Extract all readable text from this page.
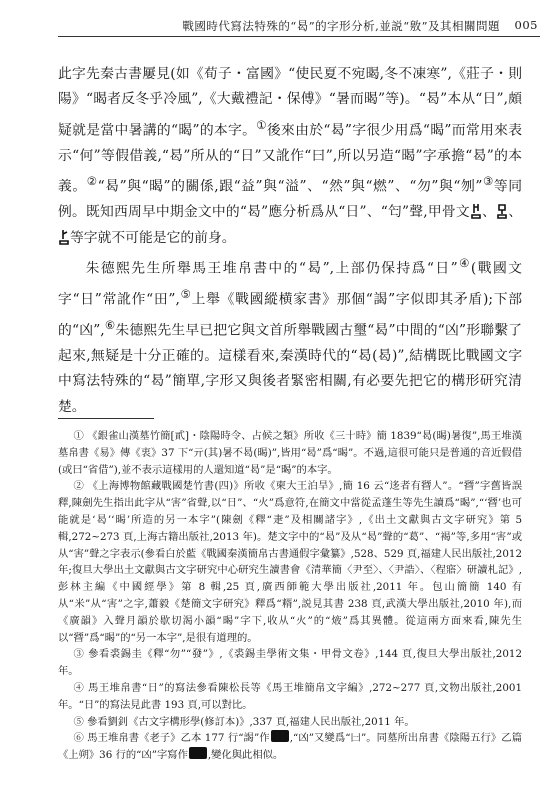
戰國時代寫法特殊的“曷”的字形分析,並説“敫”及其相關問題 005

此字先秦古書屢見(如《荀子・富國》“使民夏不宛暍,冬不凍寒”,《莊子・則陽》“暍者反冬乎冷風”,《大戴禮記・保傅》“暑而暍”等)。“曷”本从“日”,頗疑就是當中暑講的“暍”的本字。①後來由於“曷”字很少用爲“暍”而常用來表示“何”等假借義,“曷”所从的“日”又訛作“曰”,所以另造“暍”字承擔“曷”的本義。②“曷”與“暍”的關係,跟“益”與“溢”、“然”與“燃”、“勿”與“刎”③等同例。既知西周早中期金文中的“曷”應分析爲从“日”、“匄”聲,甲骨文 、 、
等字就不可能是它的前身。

朱德熙先生所舉馬王堆帛書中的“曷”,上部仍保持爲“日”④(戰國文字“日”常訛作“田”,⑤上舉《戰國縱横家書》那個“謁”字似即其矛盾);下部的“凶”,⑥朱德熙先生早已把它與文首所舉戰國古璽“曷”中間的“凶”形聯繫了起來,無疑是十分正確的。這樣看來,秦漢時代的“曷(曷)”,結構既比戰國文字中寫法特殊的“曷”簡單,字形又與後者緊密相關,有必要先把它的構形研究清楚。

① 《銀雀山漢墓竹簡[貳]・陰陽時令、占候之類》所收《三十時》簡 1839“曷(暍)暑復”,馬王堆漢墓帛書《易》傳《衷》37 下“亓(其)暑不曷(暍)”,皆用“曷”爲“暍”。不過,這很可能只是普通的音近假借(或曰“省借”),並不表示這樣用的人還知道“曷”是“暍”的本字。

② 《上海博物館藏戰國楚竹書(四)》所收《柬大王泊旱》,簡 16 云“迻者有㬜人”。“㬜”字舊皆誤釋,陳劍先生指出此字从“害”省聲,以“日”、“火”爲意符,在簡文中當從孟蓬生等先生讀爲“暍”,“‘㬜’也可能就是‘曷’‘暍’所造的另一本字”(陳劍《釋“疌”及相關諸字》,《出土文獻與古文字研究》第 5 輯,272~273 頁,上海古籍出版社,2013 年)。楚文字中的“曷”及从“曷”聲的“葛”、“褐”等,多用“害”或从“害”聲之字表示(參看白於藍《戰國秦漢簡帛古書通假字彙纂》,528、529 頁,福建人民出版社,2012 年;復旦大學出土文獻與古文字研究中心研究生讀書會《清華簡〈尹至〉、〈尹誥〉、〈程寤〉研讀札記》,彭林主編《中國經學》第 8 輯,25 頁,廣西師範大學出版社,2011 年。包山簡簡 140 有从“米”从“害”之字,蕭毅《楚簡文字研究》釋爲“糈”,説見其書 238 頁,武漢大學出版社,2010 年),而《廣韻》入聲月韻於歇切渴小韻“暍”字下,收从“火”的“焲”爲其異體。從這兩方面來看,陳先生以“㬜”爲“暍”的“另一本字”,是很有道理的。

③ 參看裘錫圭《釋“勿”“發”》,《裘錫圭學術文集・甲骨文卷》,144 頁,復旦大學出版社,2012 年。

④ 馬王堆帛書“日”的寫法參看陳松長等《馬王堆簡帛文字編》,272~277 頁,文物出版社,2001 年。“日”的寫法見此書 193 頁,可以對比。

⑤ 參看劉釗《古文字構形學(修訂本)》,337 頁,福建人民出版社,2011 年。

⑥ 馬王堆帛書《老子》乙本 177 行“謁”作 ,“凶”又變爲“𠙵”。同墓所出帛書《陰陽五行》乙篇《上朔》36 行的“凶”字寫作 ,變化與此相似。
